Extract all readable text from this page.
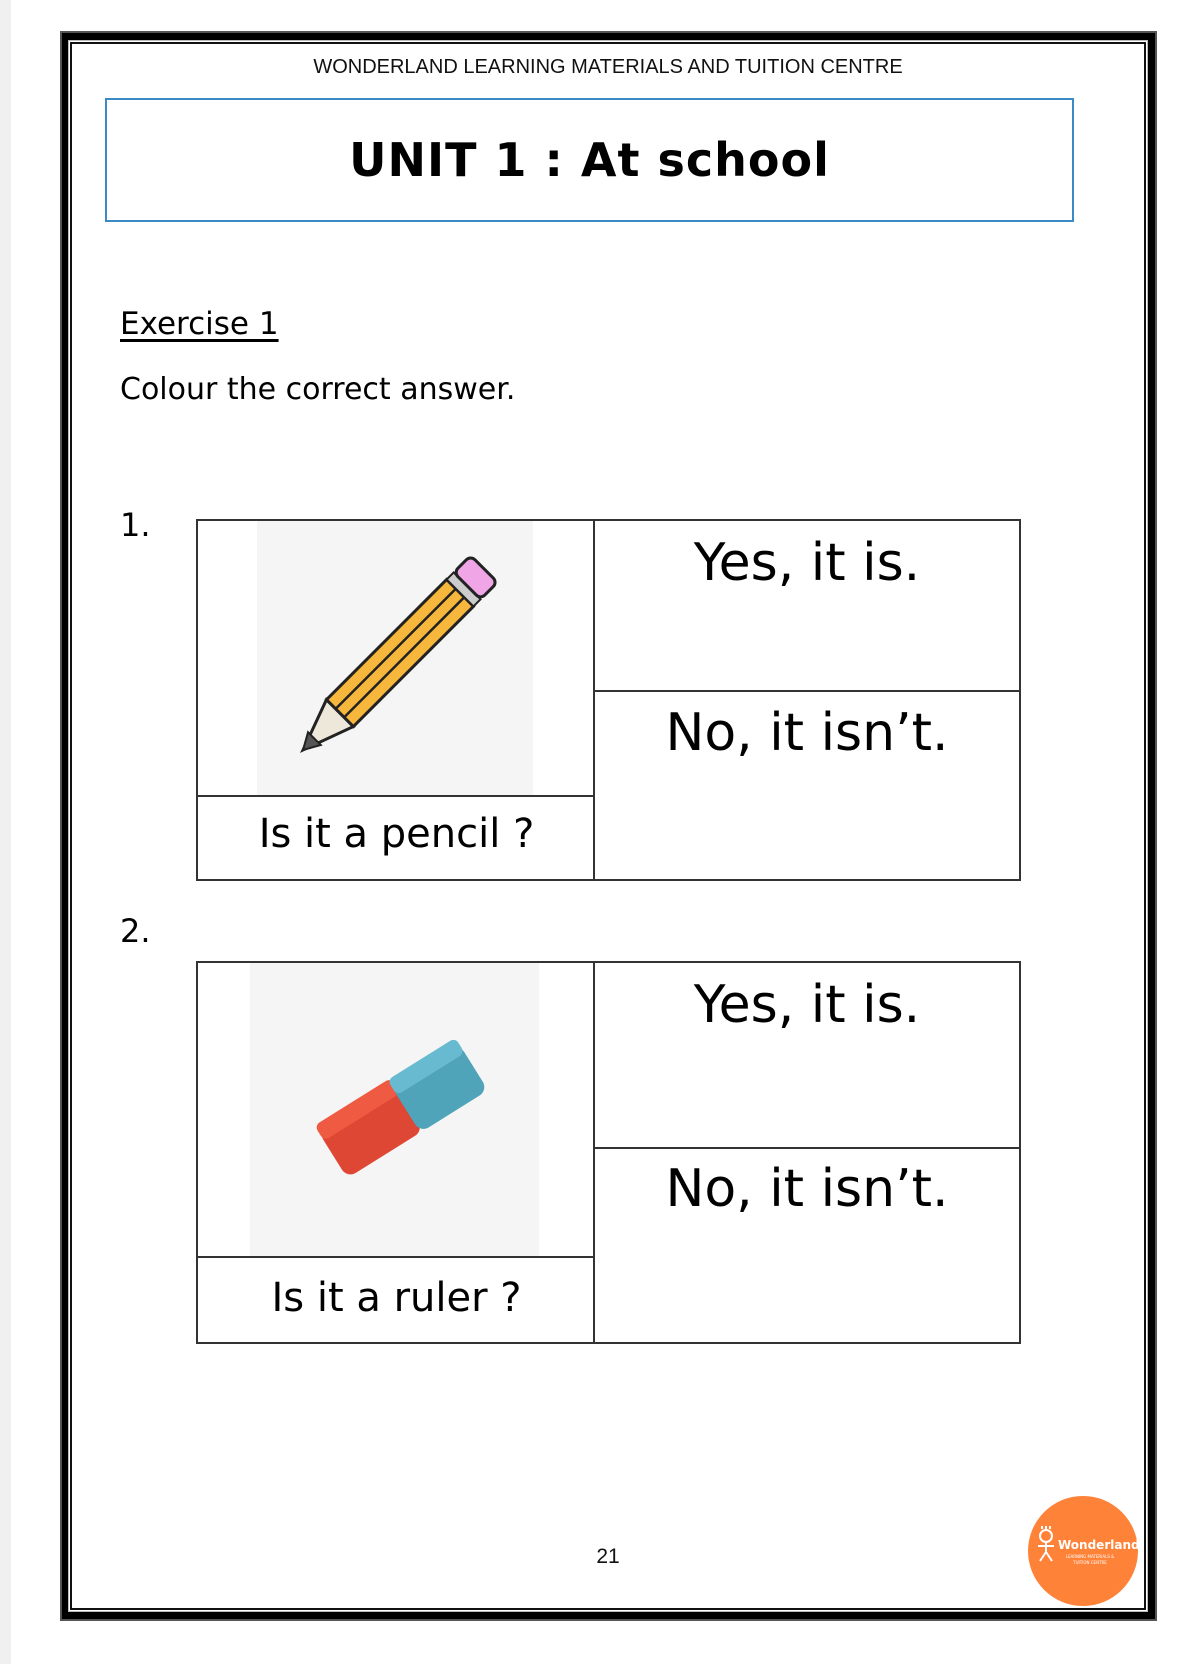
WONDERLAND LEARNING MATERIALS AND TUITION CENTRE
UNIT 1 : At school
Exercise 1
Colour the correct answer.
1.
Is it a pencil ?
Yes, it is.
No, it isn’t.
2.
Is it a ruler ?
Yes, it is.
No, it isn’t.
21	Wonderland
LEARNING MATERIALS & TUITION CENTRE
